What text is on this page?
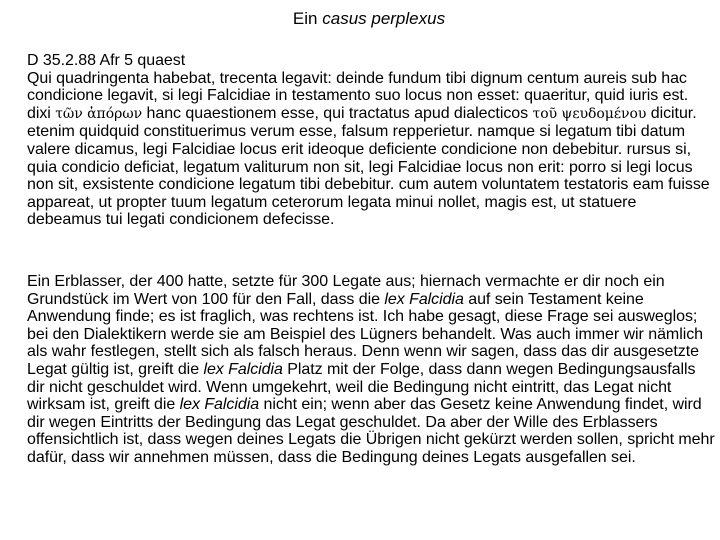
Ein casus perplexus

D 35.2.88 Afr 5 quaest

Qui quadringenta habebat, trecenta legavit: deinde fundum tibi dignum centum aureis sub hac condicione legavit, si legi Falcidiae in testamento suo locus non esset: quaeritur, quid iuris est. dixi τῶν ἀπόρων hanc quaestionem esse, qui tractatus apud dialecticos τοῦ ψευδομένου dicitur. etenim quidquid constituerimus verum esse, falsum repperietur. namque si legatum tibi datum valere dicamus, legi Falcidiae locus erit ideoque deficiente condicione non debebitur. rursus si, quia condicio deficiat, legatum valiturum non sit, legi Falcidiae locus non erit: porro si legi locus non sit, exsistente condicione legatum tibi debebitur. cum autem voluntatem testatoris eam fuisse appareat, ut propter tuum legatum ceterorum legata minui nollet, magis est, ut statuere debeamus tui legati condicionem defecisse.

Ein Erblasser, der 400 hatte, setzte für 300 Legate aus; hiernach vermachte er dir noch ein Grundstück im Wert von 100 für den Fall, dass die lex Falcidia auf sein Testament keine Anwendung finde; es ist fraglich, was rechtens ist. Ich habe gesagt, diese Frage sei ausweglos; bei den Dialektikern werde sie am Beispiel des Lügners behandelt. Was auch immer wir nämlich als wahr festlegen, stellt sich als falsch heraus. Denn wenn wir sagen, dass das dir ausgesetzte Legat gültig ist, greift die lex Falcidia Platz mit der Folge, dass dann wegen Bedingungsausfalls dir nicht geschuldet wird. Wenn umgekehrt, weil die Bedingung nicht eintritt, das Legat nicht wirksam ist, greift die lex Falcidia nicht ein; wenn aber das Gesetz keine Anwendung findet, wird dir wegen Eintritts der Bedingung das Legat geschuldet. Da aber der Wille des Erblassers offensichtlich ist, dass wegen deines Legats die Übrigen nicht gekürzt werden sollen, spricht mehr dafür, dass wir annehmen müssen, dass die Bedingung deines Legats ausgefallen sei.
